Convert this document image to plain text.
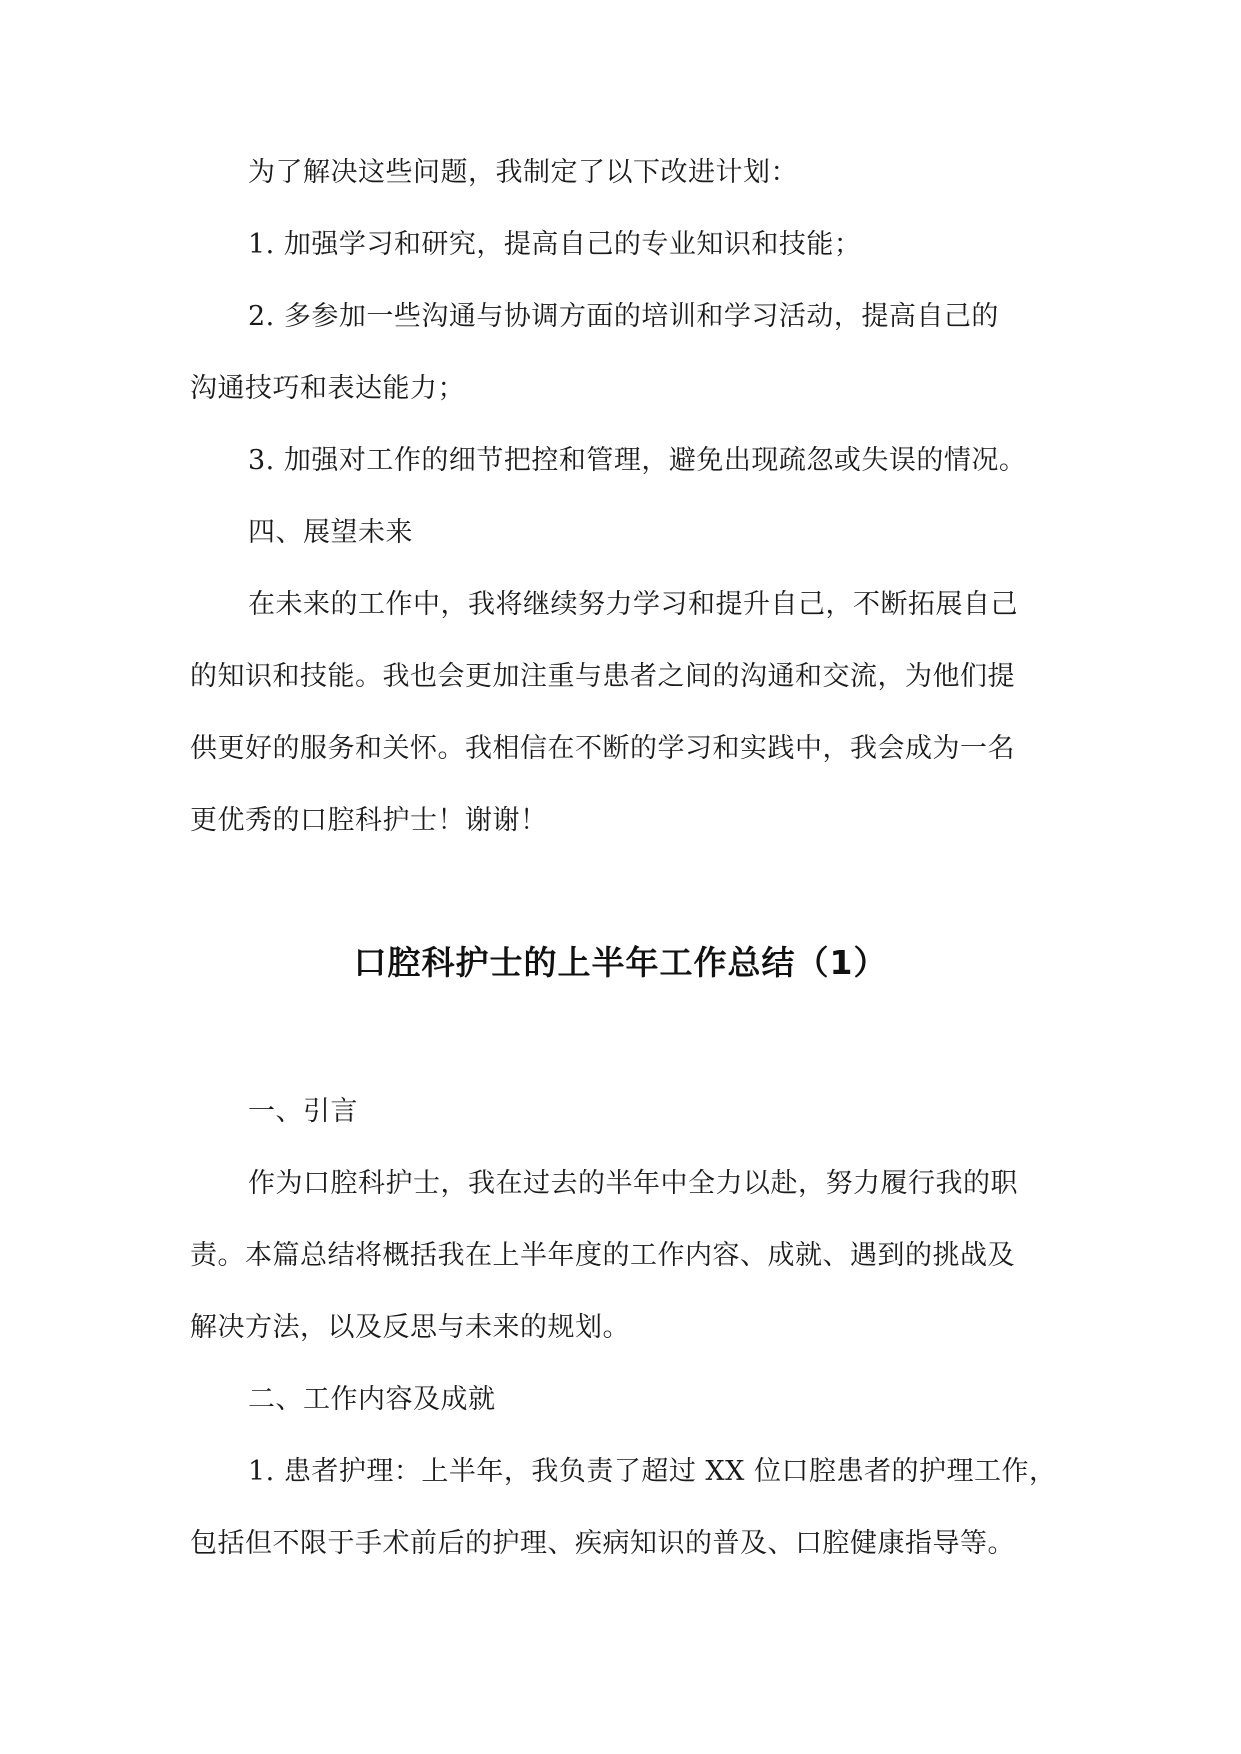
为了解决这些问题，我制定了以下改进计划：
1. 加强学习和研究，提高自己的专业知识和技能；
2. 多参加一些沟通与协调方面的培训和学习活动，提高自己的
沟通技巧和表达能力；
3. 加强对工作的细节把控和管理，避免出现疏忽或失误的情况。
四、展望未来
在未来的工作中，我将继续努力学习和提升自己，不断拓展自己
的知识和技能。我也会更加注重与患者之间的沟通和交流，为他们提
供更好的服务和关怀。我相信在不断的学习和实践中，我会成为一名
更优秀的口腔科护士！谢谢！
口腔科护士的上半年工作总结（1）
一、引言
作为口腔科护士，我在过去的半年中全力以赴，努力履行我的职
责。本篇总结将概括我在上半年度的工作内容、成就、遇到的挑战及
解决方法，以及反思与未来的规划。
二、工作内容及成就
1. 患者护理：上半年，我负责了超过 XX 位口腔患者的护理工作，
包括但不限于手术前后的护理、疾病知识的普及、口腔健康指导等。
